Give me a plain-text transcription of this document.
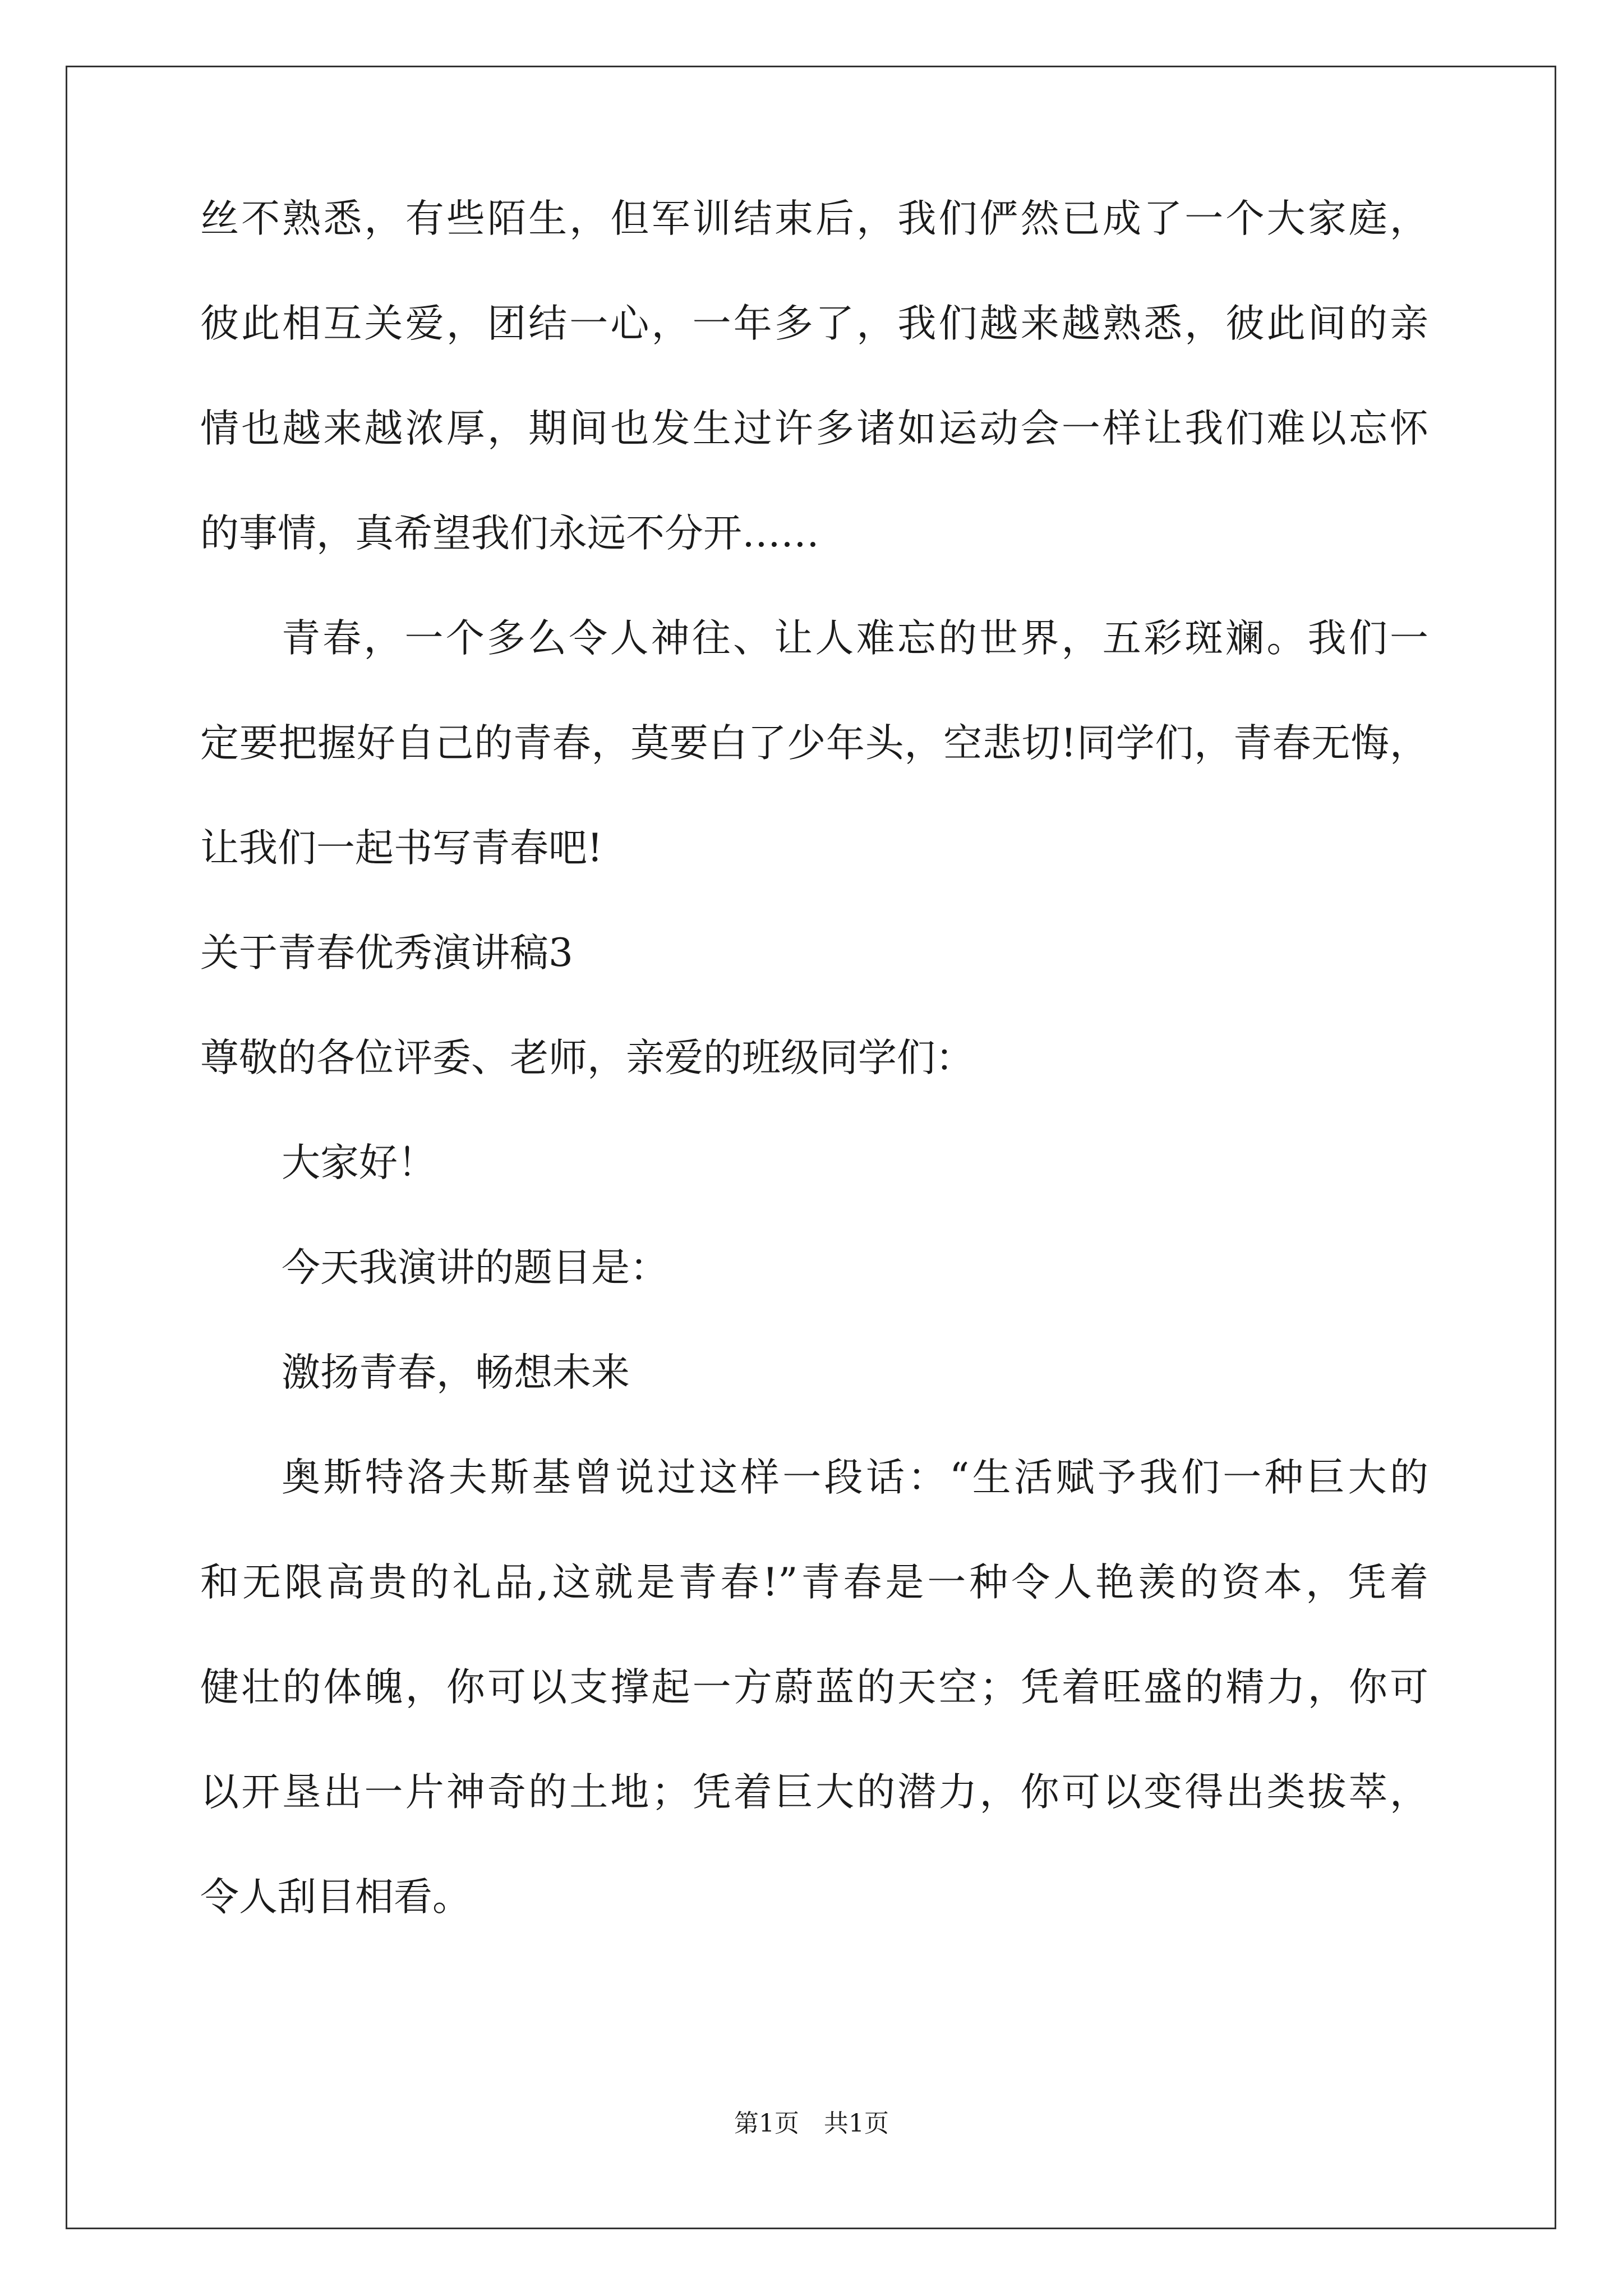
丝不熟悉，有些陌生，但军训结束后，我们俨然已成了一个大家庭，
彼此相互关爱，团结一心，一年多了，我们越来越熟悉，彼此间的亲
情也越来越浓厚，期间也发生过许多诸如运动会一样让我们难以忘怀
的事情，真希望我们永远不分开……
青春，一个多么令人神往、让人难忘的世界，五彩斑斓。我们一
定要把握好自己的青春，莫要白了少年头，空悲切!同学们，青春无悔，
让我们一起书写青春吧!
关于青春优秀演讲稿3
尊敬的各位评委、老师，亲爱的班级同学们：
大家好！
今天我演讲的题目是：
激扬青春，畅想未来
奥斯特洛夫斯基曾说过这样一段话：“生活赋予我们一种巨大的
和无限高贵的礼品,这就是青春!”青春是一种令人艳羡的资本，凭着
健壮的体魄，你可以支撑起一方蔚蓝的天空；凭着旺盛的精力，你可
以开垦出一片神奇的土地；凭着巨大的潜力，你可以变得出类拔萃，
令人刮目相看。
第1页　共1页
